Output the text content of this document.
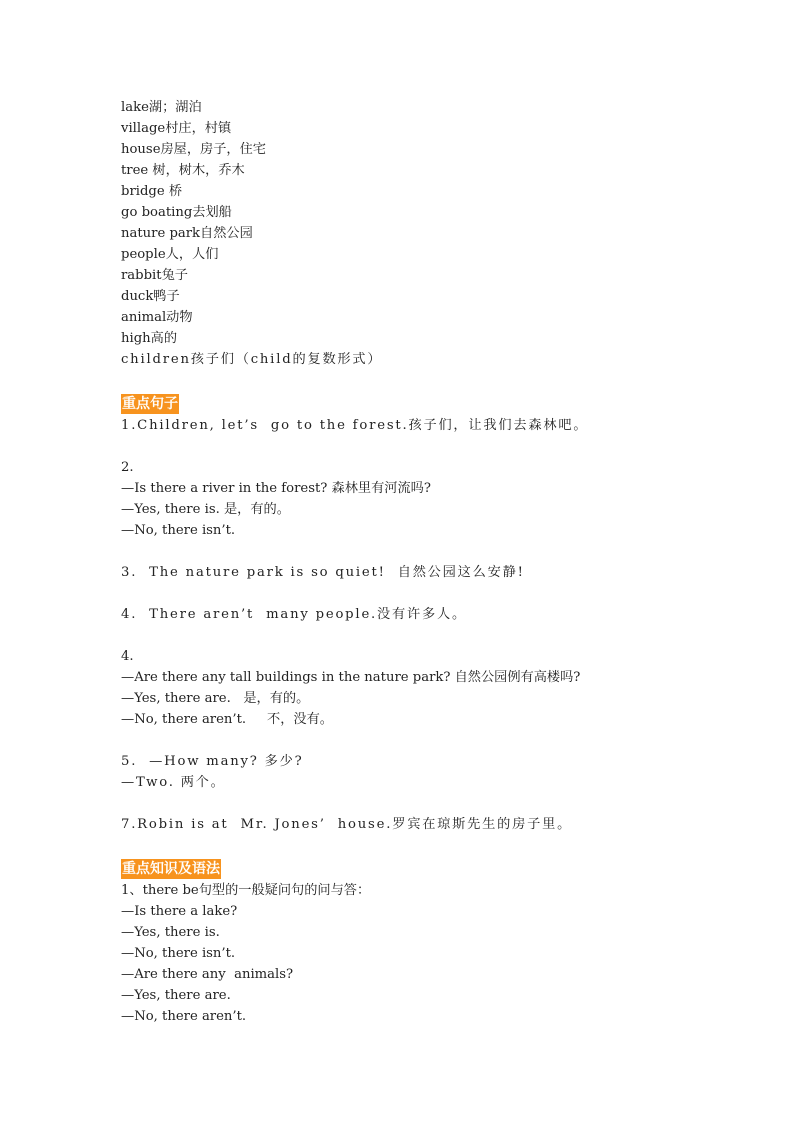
lake湖；湖泊
village村庄，村镇
house房屋，房子，住宅
tree 树，树木，乔木
bridge 桥
go boating去划船
nature park自然公园
people人，人们
rabbit兔子
duck鸭子
animal动物
high高的
children孩子们（child的复数形式）
重点句子
1.Children, let’s  go to the forest.孩子们，让我们去森林吧。
2.
—Is there a river in the forest? 森林里有河流吗?
—Yes, there is. 是，有的。
—No, there isn’t.
3.  The nature park is so quiet!  自然公园这么安静!
4.  There aren’t  many people.没有许多人。
4.
—Are there any tall buildings in the nature park? 自然公园例有高楼吗?
—Yes, there are.   是，有的。
—No, there aren’t.     不，没有。
5.  —How many? 多少?
—Two. 两个。
7.Robin is at  Mr. Jones’  house.罗宾在琼斯先生的房子里。
重点知识及语法
1、there be句型的一般疑问句的问与答：
—Is there a lake?
—Yes, there is.
—No, there isn’t.
—Are there any  animals?
—Yes, there are.
—No, there aren’t.
